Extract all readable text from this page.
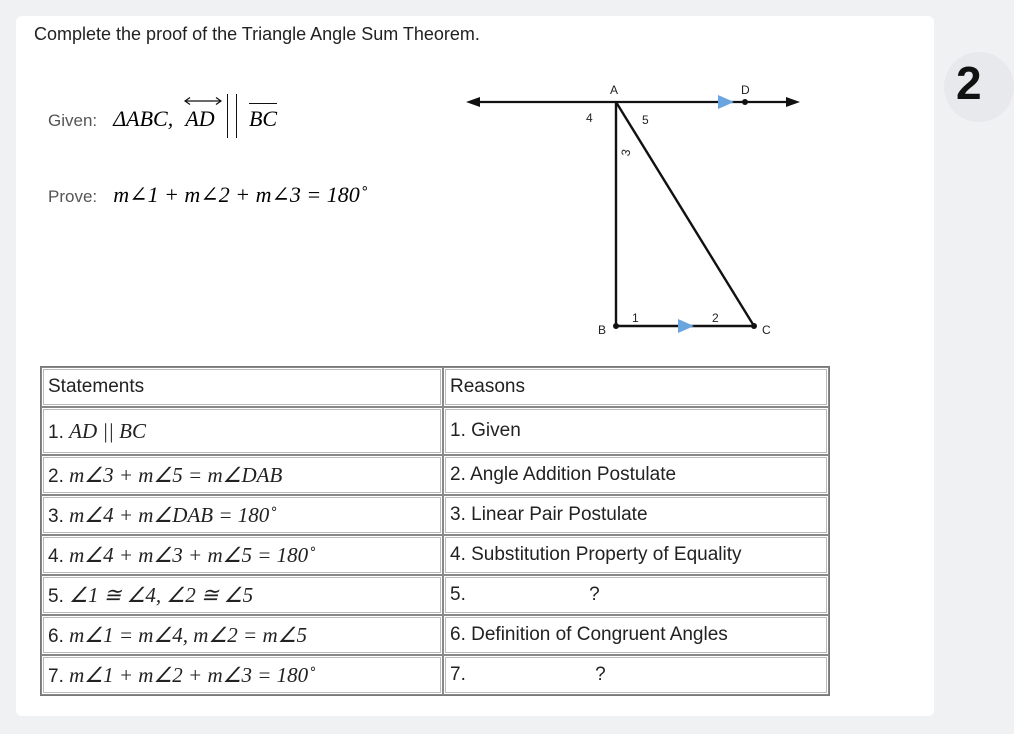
2
Complete the proof of the Triangle Angle Sum Theorem.
Given: ΔABC, AD BC
Prove: m∠1 + m∠2 + m∠3 = 180˚
A	D
B	C
4	5
3
1	2
Statements	Reasons
1. AD || BC	1. Given
2. m∠3 + m∠5 = m∠DAB	2. Angle Addition Postulate
3. m∠4 + m∠DAB = 180˚	3. Linear Pair Postulate
4. m∠4 + m∠3 + m∠5 = 180˚	4. Substitution Property of Equality
5. ∠1 ≅ ∠4, ∠2 ≅ ∠5	5. ?
6. m∠1 = m∠4, m∠2 = m∠5	6. Definition of Congruent Angles
7. m∠1 + m∠2 + m∠3 = 180˚	7. ?
